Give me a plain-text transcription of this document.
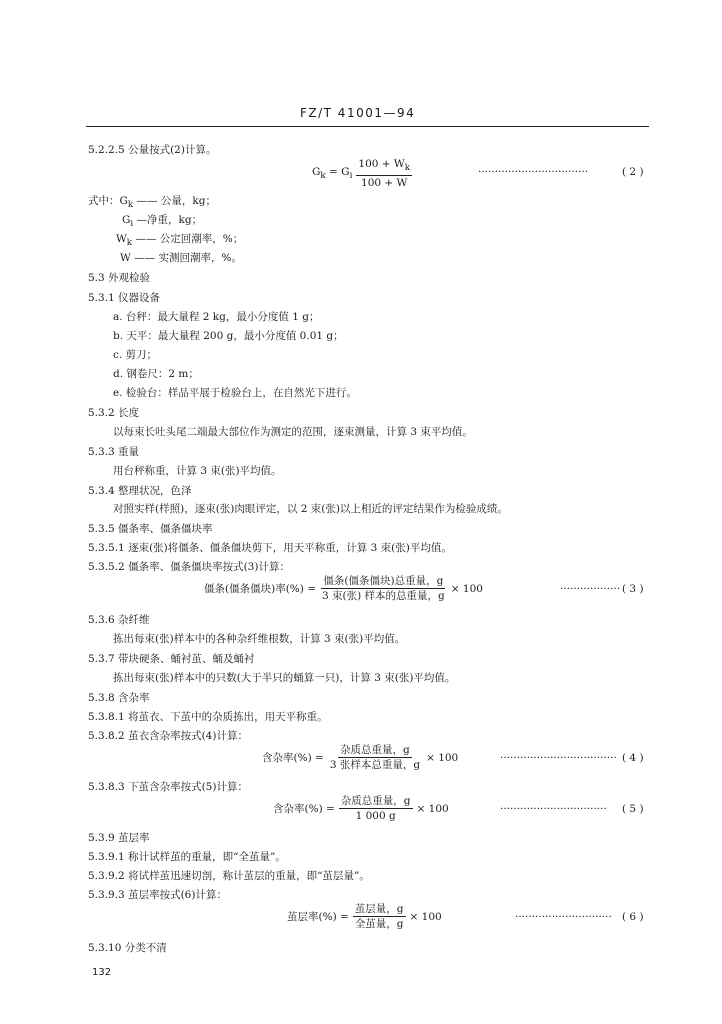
FZ/T 41001—94
5.2.2.5 公量按式(2)计算。
$G_k = G_i \frac{100 + W_k}{100 + W}$	·································	( 2 )
式中：$G_k$ —— 公量，kg；
$G_i$ —净重，kg；
$W_k$ —— 公定回潮率，%；
W —— 实测回潮率，%。
5.3 外观检验
5.3.1 仪器设备
a. 台秤：最大量程 2 kg，最小分度值 1 g；
b. 天平：最大量程 200 g，最小分度值 0.01 g；
c. 剪刀；
d. 钢卷尺：2 m；
e. 检验台：样品平展于检验台上，在自然光下进行。
5.3.2 长度
以每束长吐头尾二端最大部位作为测定的范围，逐束测量，计算 3 束平均值。
5.3.3 重量
用台秤称重，计算 3 束(张)平均值。
5.3.4 整理状况，色泽
对照实样(样照)，逐束(张)肉眼评定，以 2 束(张)以上相近的评定结果作为检验成绩。
5.3.5 僵条率、僵条僵块率
5.3.5.1 逐束(张)将僵条、僵条僵块剪下，用天平称重，计算 3 束(张)平均值。
5.3.5.2 僵条率、僵条僵块率按式(3)计算：
僵条(僵条僵块)率(%) = $\frac{\text{僵条(僵条僵块)总重量，g}}{\text{3 束(张) 样本的总重量，g}} \times 100$	·················· ( 3 )
5.3.6 杂纤维
拣出每束(张)样本中的各种杂纤维根数，计算 3 束(张)平均值。
5.3.7 带块硬条、蛹衬茧、蛹及蛹衬
拣出每束(张)样本中的只数(大于半只的蛹算一只)，计算 3 束(张)平均值。
5.3.8 含杂率
5.3.8.1 将茧衣、下茧中的杂质拣出，用天平称重。
5.3.8.2 茧衣含杂率按式(4)计算：
含杂率(%) = $\frac{\text{杂质总重量，g}}{\text{3 张样本总重量，g}} \times 100$	··································· ( 4 )
5.3.8.3 下茧含杂率按式(5)计算：
含杂率(%) = $\frac{\text{杂质总重量，g}}{1 000 g} \times 100$	································ ( 5 )
5.3.9 茧层率
5.3.9.1 称计试样茧的重量，即“全茧量”。
5.3.9.2 将试样茧迅速切剖，称计茧层的重量，即“茧层量”。
5.3.9.3 茧层率按式(6)计算：
茧层率(%) = $\frac{\text{茧层量，g}}{\text{全茧量，g}} \times 100$	····························· ( 6 )
5.3.10 分类不清
132
